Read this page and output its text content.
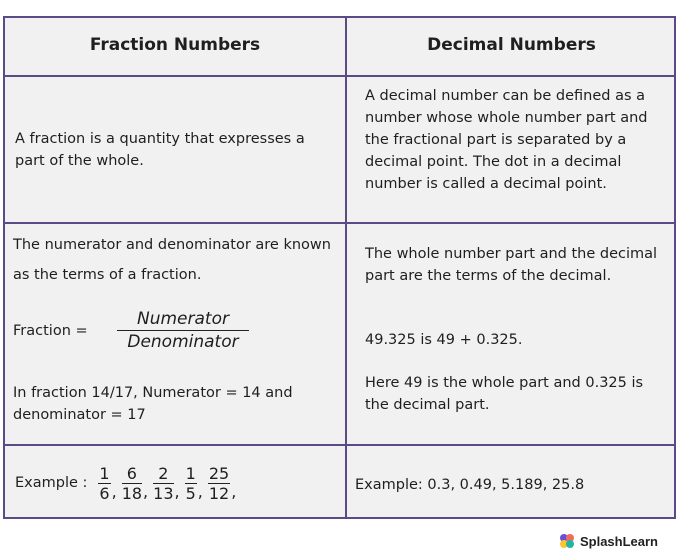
Fraction Numbers	Decimal Numbers
A fraction is a quantity that expresses a part of the whole.
A decimal number can be defined as a number whose whole number part and the fractional part is separated by a decimal point. The dot in a decimal number is called a decimal point.
The numerator and denominator are known as the terms of a fraction.
Fraction =
Numerator
Denominator
In fraction 14/17, Numerator = 14 and denominator = 17
The whole number part and the decimal part are the terms of the decimal.
49.325 is 49 + 0.325.
Here 49 is the whole part and 0.325 is the decimal part.
Example : $\frac{1}{6}$ , $\frac{6}{18}$ , $\frac{2}{13}$ , $\frac{1}{5}$ , $\frac{25}{12}$ ,	Example: 0.3, 0.49, 5.189, 25.8
SplashLearn
